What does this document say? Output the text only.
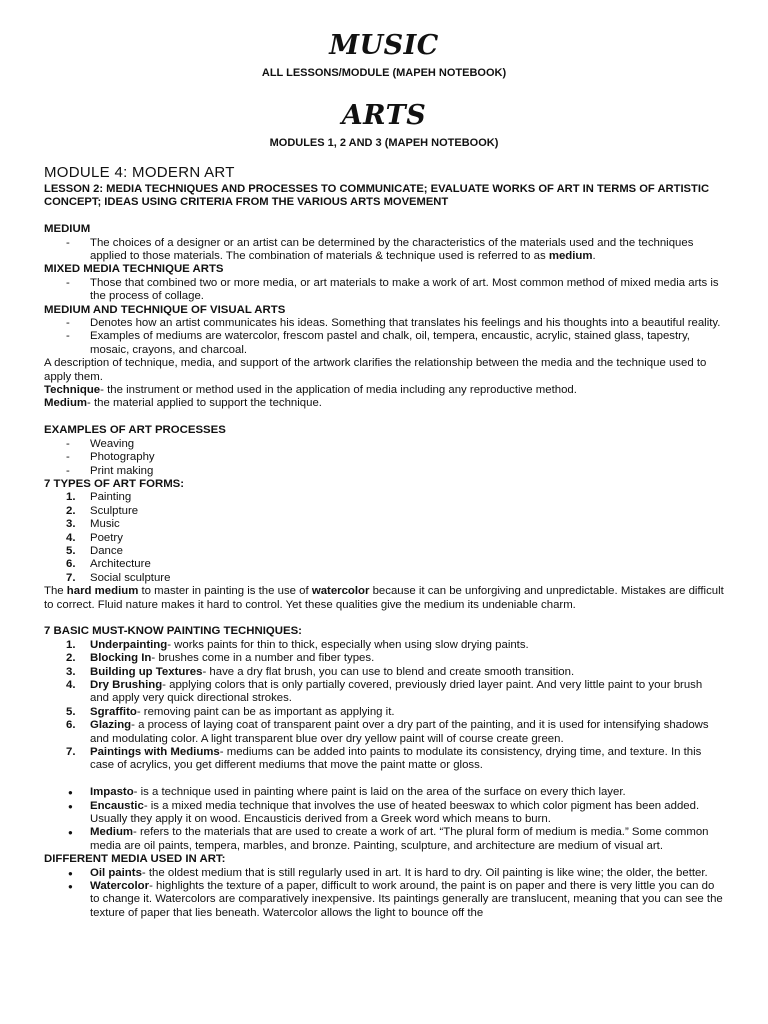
MUSIC

ALL LESSONS/MODULE (MAPEH NOTEBOOK)

ARTS

MODULES 1, 2 AND 3 (MAPEH NOTEBOOK)

MODULE 4: MODERN ART

LESSON 2: MEDIA TECHNIQUES AND PROCESSES TO COMMUNICATE; EVALUATE WORKS OF ART IN TERMS OF ARTISTIC CONCEPT; IDEAS USING CRITERIA FROM THE VARIOUS ARTS MOVEMENT

MEDIUM

- The choices of a designer or an artist can be determined by the characteristics of the materials used and the techniques applied to those materials. The combination of materials & technique used is referred to as medium.

MIXED MEDIA TECHNIQUE ARTS

- Those that combined two or more media, or art materials to make a work of art. Most common method of mixed media arts is the process of collage.

MEDIUM AND TECHNIQUE OF VISUAL ARTS

- Denotes how an artist communicates his ideas. Something that translates his feelings and his thoughts into a beautiful reality.
- Examples of mediums are watercolor, frescom pastel and chalk, oil, tempera, encaustic, acrylic, stained glass, tapestry, mosaic, crayons, and charcoal.

A description of technique, media, and support of the artwork clarifies the relationship between the media and the technique used to apply them.

Technique- the instrument or method used in the application of media including any reproductive method.

Medium- the material applied to support the technique.

EXAMPLES OF ART PROCESSES

- Weaving
- Photography
- Print making

7 TYPES OF ART FORMS:

1. Painting
2. Sculpture
3. Music
4. Poetry
5. Dance
6. Architecture
7. Social sculpture

The hard medium to master in painting is the use of watercolor because it can be unforgiving and unpredictable. Mistakes are difficult to correct. Fluid nature makes it hard to control. Yet these qualities give the medium its undeniable charm.

7 BASIC MUST-KNOW PAINTING TECHNIQUES:

1. Underpainting- works paints for thin to thick, especially when using slow drying paints.
2. Blocking In- brushes come in a number and fiber types.
3. Building up Textures- have a dry flat brush, you can use to blend and create smooth transition.
4. Dry Brushing- applying colors that is only partially covered, previously dried layer paint. And very little paint to your brush and apply very quick directional strokes.
5. Sgraffito- removing paint can be as important as applying it.
6. Glazing- a process of laying coat of transparent paint over a dry part of the painting, and it is used for intensifying shadows and modulating color. A light transparent blue over dry yellow paint will of course create green.
7. Paintings with Mediums- mediums can be added into paints to modulate its consistency, drying time, and texture. In this case of acrylics, you get different mediums that move the paint matte or gloss.
● Impasto- is a technique used in painting where paint is laid on the area of the surface on every thich layer.
● Encaustic- is a mixed media technique that involves the use of heated beeswax to which color pigment has been added. Usually they apply it on wood. Encausticis derived from a Greek word which means to burn.
● Medium- refers to the materials that are used to create a work of art. “The plural form of medium is media.” Some common media are oil paints, tempera, marbles, and bronze. Painting, sculpture, and architecture are medium of visual art.

DIFFERENT MEDIA USED IN ART:

● Oil paints- the oldest medium that is still regularly used in art. It is hard to dry. Oil painting is like wine; the older, the better.
● Watercolor- highlights the texture of a paper, difficult to work around, the paint is on paper and there is very little you can do to change it. Watercolors are comparatively inexpensive. Its paintings generally are translucent, meaning that you can see the texture of paper that lies beneath. Watercolor allows the light to bounce off the
